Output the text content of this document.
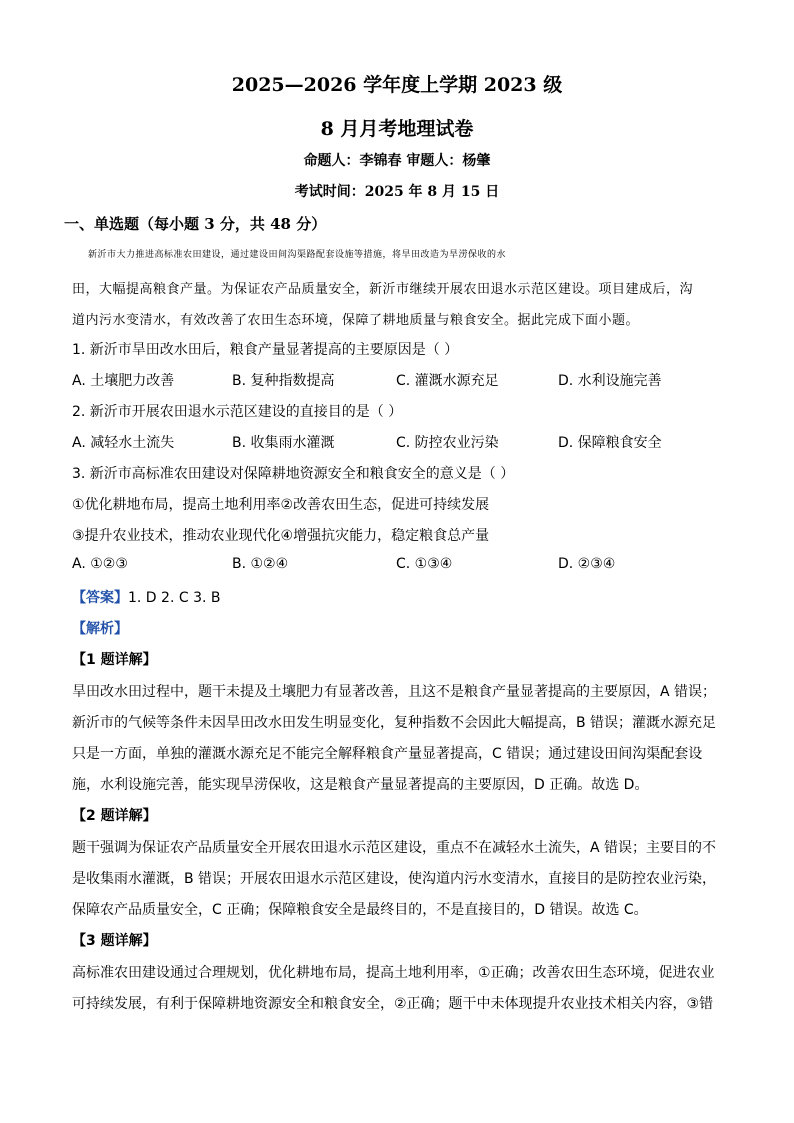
2025—2026 学年度上学期 2023 级
8 月月考地理试卷
命题人：李锦春 审题人：杨肇
考试时间：2025 年 8 月 15 日
一、单选题（每小题 3 分，共 48 分）
新沂市大力推进高标准农田建设，通过建设田间沟渠路配套设施等措施，将旱田改造为旱涝保收的水
田，大幅提高粮食产量。为保证农产品质量安全，新沂市继续开展农田退水示范区建设。项目建成后，沟
道内污水变清水，有效改善了农田生态环境，保障了耕地质量与粮食安全。据此完成下面小题。
1. 新沂市旱田改水田后，粮食产量显著提高的主要原因是（ ）
A. 土壤肥力改善	B. 复种指数提高	C. 灌溉水源充足	D. 水利设施完善
2. 新沂市开展农田退水示范区建设的直接目的是（ ）
A. 减轻水土流失	B. 收集雨水灌溉	C. 防控农业污染	D. 保障粮食安全
3. 新沂市高标准农田建设对保障耕地资源安全和粮食安全的意义是（ ）
①优化耕地布局，提高土地利用率②改善农田生态，促进可持续发展
③提升农业技术，推动农业现代化④增强抗灾能力，稳定粮食总产量
A. ①②③	B. ①②④	C. ①③④	D. ②③④
【答案】1. D 2. C 3. B
【解析】
【1 题详解】
旱田改水田过程中，题干未提及土壤肥力有显著改善，且这不是粮食产量显著提高的主要原因，A 错误；
新沂市的气候等条件未因旱田改水田发生明显变化，复种指数不会因此大幅提高，B 错误；灌溉水源充足
只是一方面，单独的灌溉水源充足不能完全解释粮食产量显著提高，C 错误；通过建设田间沟渠配套设
施，水利设施完善，能实现旱涝保收，这是粮食产量显著提高的主要原因，D 正确。故选 D。
【2 题详解】
题干强调为保证农产品质量安全开展农田退水示范区建设，重点不在减轻水土流失，A 错误；主要目的不
是收集雨水灌溉，B 错误；开展农田退水示范区建设，使沟道内污水变清水，直接目的是防控农业污染，
保障农产品质量安全，C 正确；保障粮食安全是最终目的，不是直接目的，D 错误。故选 C。
【3 题详解】
高标准农田建设通过合理规划，优化耕地布局，提高土地利用率，①正确；改善农田生态环境，促进农业
可持续发展，有利于保障耕地资源安全和粮食安全，②正确；题干中未体现提升农业技术相关内容，③错
